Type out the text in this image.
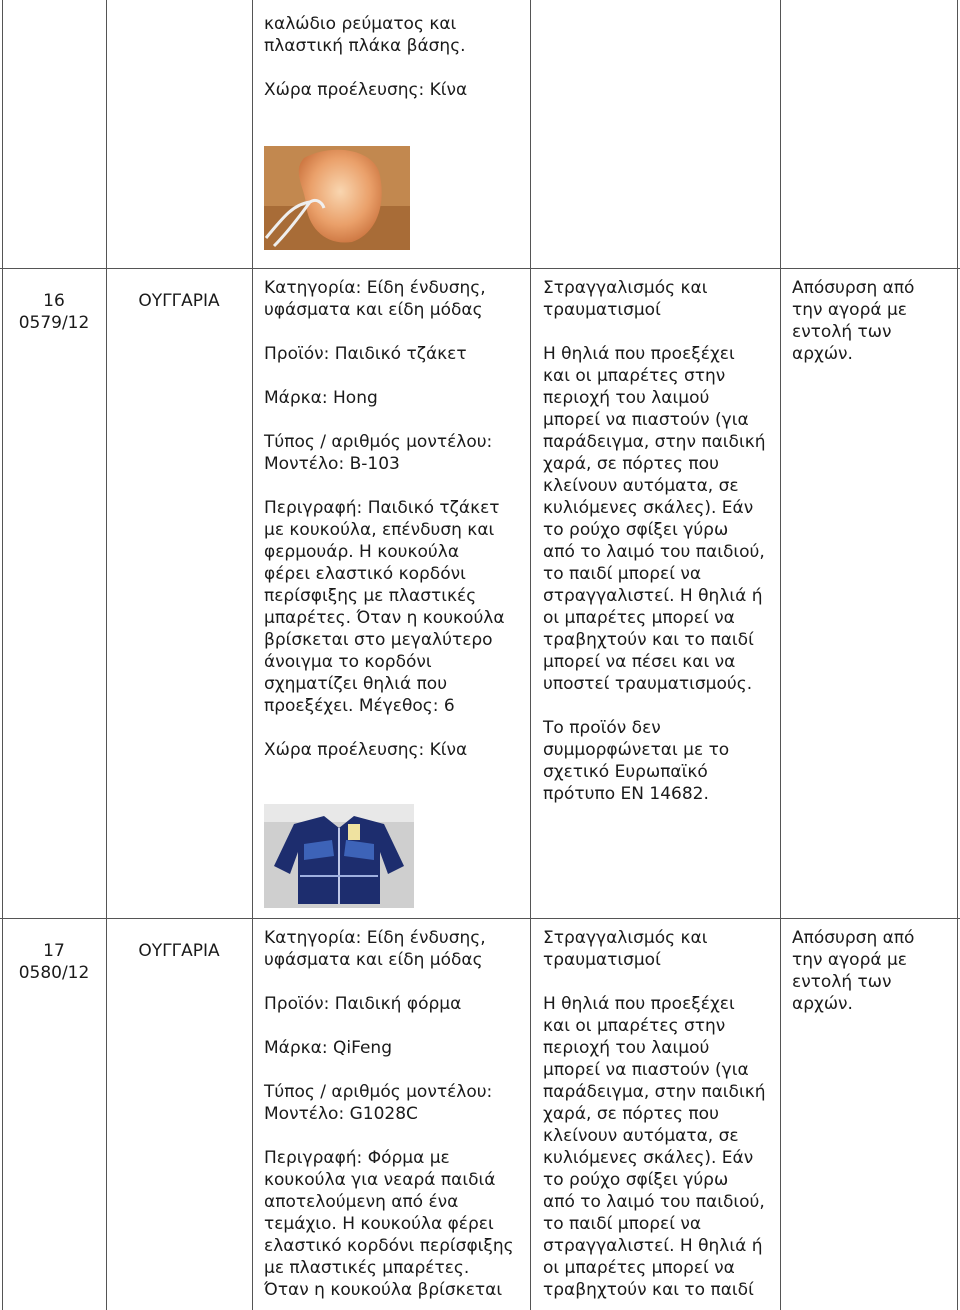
καλώδιο ρεύματος και
πλαστική πλάκα βάσης.

Χώρα προέλευσης: Κίνα

16
0579/12
ΟΥΓΓΑΡΙΑ

Κατηγορία: Είδη ένδυσης,
υφάσματα και είδη μόδας

Προϊόν: Παιδικό τζάκετ

Μάρκα: Hong

Τύπος / αριθμός μοντέλου:
Μοντέλο: B-103

Περιγραφή: Παιδικό τζάκετ
με κουκούλα, επένδυση και
φερμουάρ. Η κουκούλα
φέρει ελαστικό κορδόνι
περίσφιξης με πλαστικές
μπαρέτες. Όταν η κουκούλα
βρίσκεται στο μεγαλύτερο
άνοιγμα το κορδόνι
σχηματίζει θηλιά που
προεξέχει. Μέγεθος: 6

Χώρα προέλευσης: Κίνα

Στραγγαλισμός και
τραυματισμοί

Η θηλιά που προεξέχει
και οι μπαρέτες στην
περιοχή του λαιμού
μπορεί να πιαστούν (για
παράδειγμα, στην παιδική
χαρά, σε πόρτες που
κλείνουν αυτόματα, σε
κυλιόμενες σκάλες). Εάν
το ρούχο σφίξει γύρω
από το λαιμό του παιδιού,
το παιδί μπορεί να
στραγγαλιστεί. Η θηλιά ή
οι μπαρέτες μπορεί να
τραβηχτούν και το παιδί
μπορεί να πέσει και να
υποστεί τραυματισμούς.

Το προϊόν δεν
συμμορφώνεται με το
σχετικό Ευρωπαϊκό
πρότυπο EN 14682.

Απόσυρση από
την αγορά με
εντολή των
αρχών.

17
0580/12
ΟΥΓΓΑΡΙΑ

Κατηγορία: Είδη ένδυσης,
υφάσματα και είδη μόδας

Προϊόν: Παιδική φόρμα

Μάρκα: QiFeng

Τύπος / αριθμός μοντέλου:
Μοντέλο: G1028C

Περιγραφή: Φόρμα με
κουκούλα για νεαρά παιδιά
αποτελούμενη από ένα
τεμάχιο. Η κουκούλα φέρει
ελαστικό κορδόνι περίσφιξης
με πλαστικές μπαρέτες.
Όταν η κουκούλα βρίσκεται

Στραγγαλισμός και
τραυματισμοί

Η θηλιά που προεξέχει
και οι μπαρέτες στην
περιοχή του λαιμού
μπορεί να πιαστούν (για
παράδειγμα, στην παιδική
χαρά, σε πόρτες που
κλείνουν αυτόματα, σε
κυλιόμενες σκάλες). Εάν
το ρούχο σφίξει γύρω
από το λαιμό του παιδιού,
το παιδί μπορεί να
στραγγαλιστεί. Η θηλιά ή
οι μπαρέτες μπορεί να
τραβηχτούν και το παιδί

Απόσυρση από
την αγορά με
εντολή των
αρχών.
